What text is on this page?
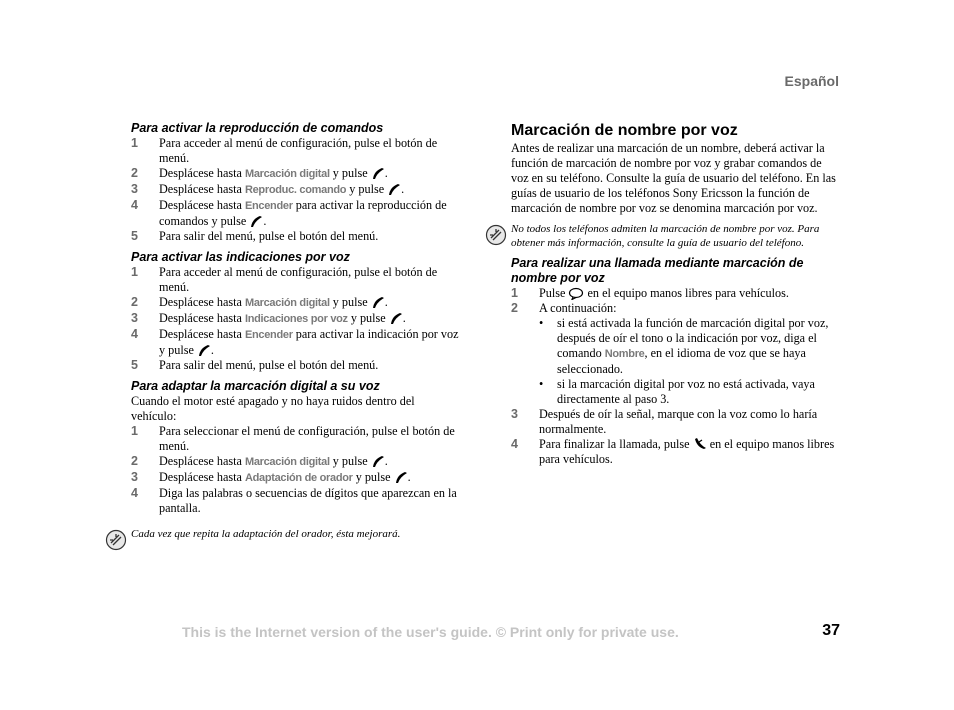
Español

Para activar la reproducción de comandos

1 Para acceder al menú de configuración, pulse el botón de menú.
2 Desplácese hasta Marcación digital y pulse .
3 Desplácese hasta Reproduc. comando y pulse .
4 Desplácese hasta Encender para activar la reproducción de comandos y pulse .
5 Para salir del menú, pulse el botón del menú.

Para activar las indicaciones por voz

1 Para acceder al menú de configuración, pulse el botón de menú.
2 Desplácese hasta Marcación digital y pulse .
3 Desplácese hasta Indicaciones por voz y pulse .
4 Desplácese hasta Encender para activar la indicación por voz y pulse .
5 Para salir del menú, pulse el botón del menú.

Para adaptar la marcación digital a su voz

Cuando el motor esté apagado y no haya ruidos dentro del vehículo:

1 Para seleccionar el menú de configuración, pulse el botón de menú.
2 Desplácese hasta Marcación digital y pulse .
3 Desplácese hasta Adaptación de orador y pulse .
4 Diga las palabras o secuencias de dígitos que aparezcan en la pantalla.
Cada vez que repita la adaptación del orador, ésta mejorará.

Marcación de nombre por voz

Antes de realizar una marcación de un nombre, deberá activar la función de marcación de nombre por voz y grabar comandos de voz en su teléfono. Consulte la guía de usuario del teléfono. En las guías de usuario de los teléfonos Sony Ericsson la función de marcación de nombre por voz se denomina marcación por voz.

No todos los teléfonos admiten la marcación de nombre por voz. Para obtener más información, consulte la guía de usuario del teléfono.

Para realizar una llamada mediante marcación de nombre por voz

1 Pulse en el equipo manos libres para vehículos.
2 A continuación:
• si está activada la función de marcación digital por voz, después de oír el tono o la indicación por voz, diga el comando Nombre, en el idioma de voz que se haya seleccionado.
• si la marcación digital por voz no está activada, vaya directamente al paso 3.
3 Después de oír la señal, marque con la voz como lo haría normalmente.
4 Para finalizar la llamada, pulse en el equipo manos libres para vehículos.
This is the Internet version of the user's guide. © Print only for private use.	37
